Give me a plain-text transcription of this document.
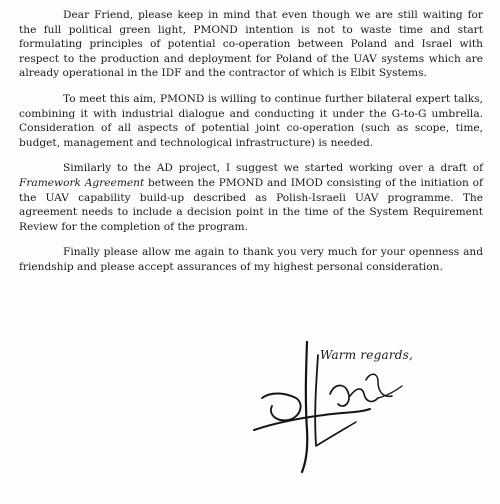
Dear Friend, please keep in mind that even though we are still waiting for the full political green light, PMOND intention is not to waste time and start formulating principles of potential co-operation between Poland and Israel with respect to the production and deployment for Poland of the UAV systems which are already operational in the IDF and the contractor of which is Elbit Systems.

To meet this aim, PMOND is willing to continue further bilateral expert talks, combining it with industrial dialogue and conducting it under the G-to-G umbrella. Consideration of all aspects of potential joint co-operation (such as scope, time, budget, management and technological infrastructure) is needed.

Similarly to the AD project, I suggest we started working over a draft of Framework Agreement between the PMOND and IMOD consisting of the initiation of the UAV capability build-up described as Polish-Israeli UAV programme. The agreement needs to include a decision point in the time of the System Requirement Review for the completion of the program.

Finally please allow me again to thank you very much for your openness and friendship and please accept assurances of my highest personal consideration.

Warm regards,
